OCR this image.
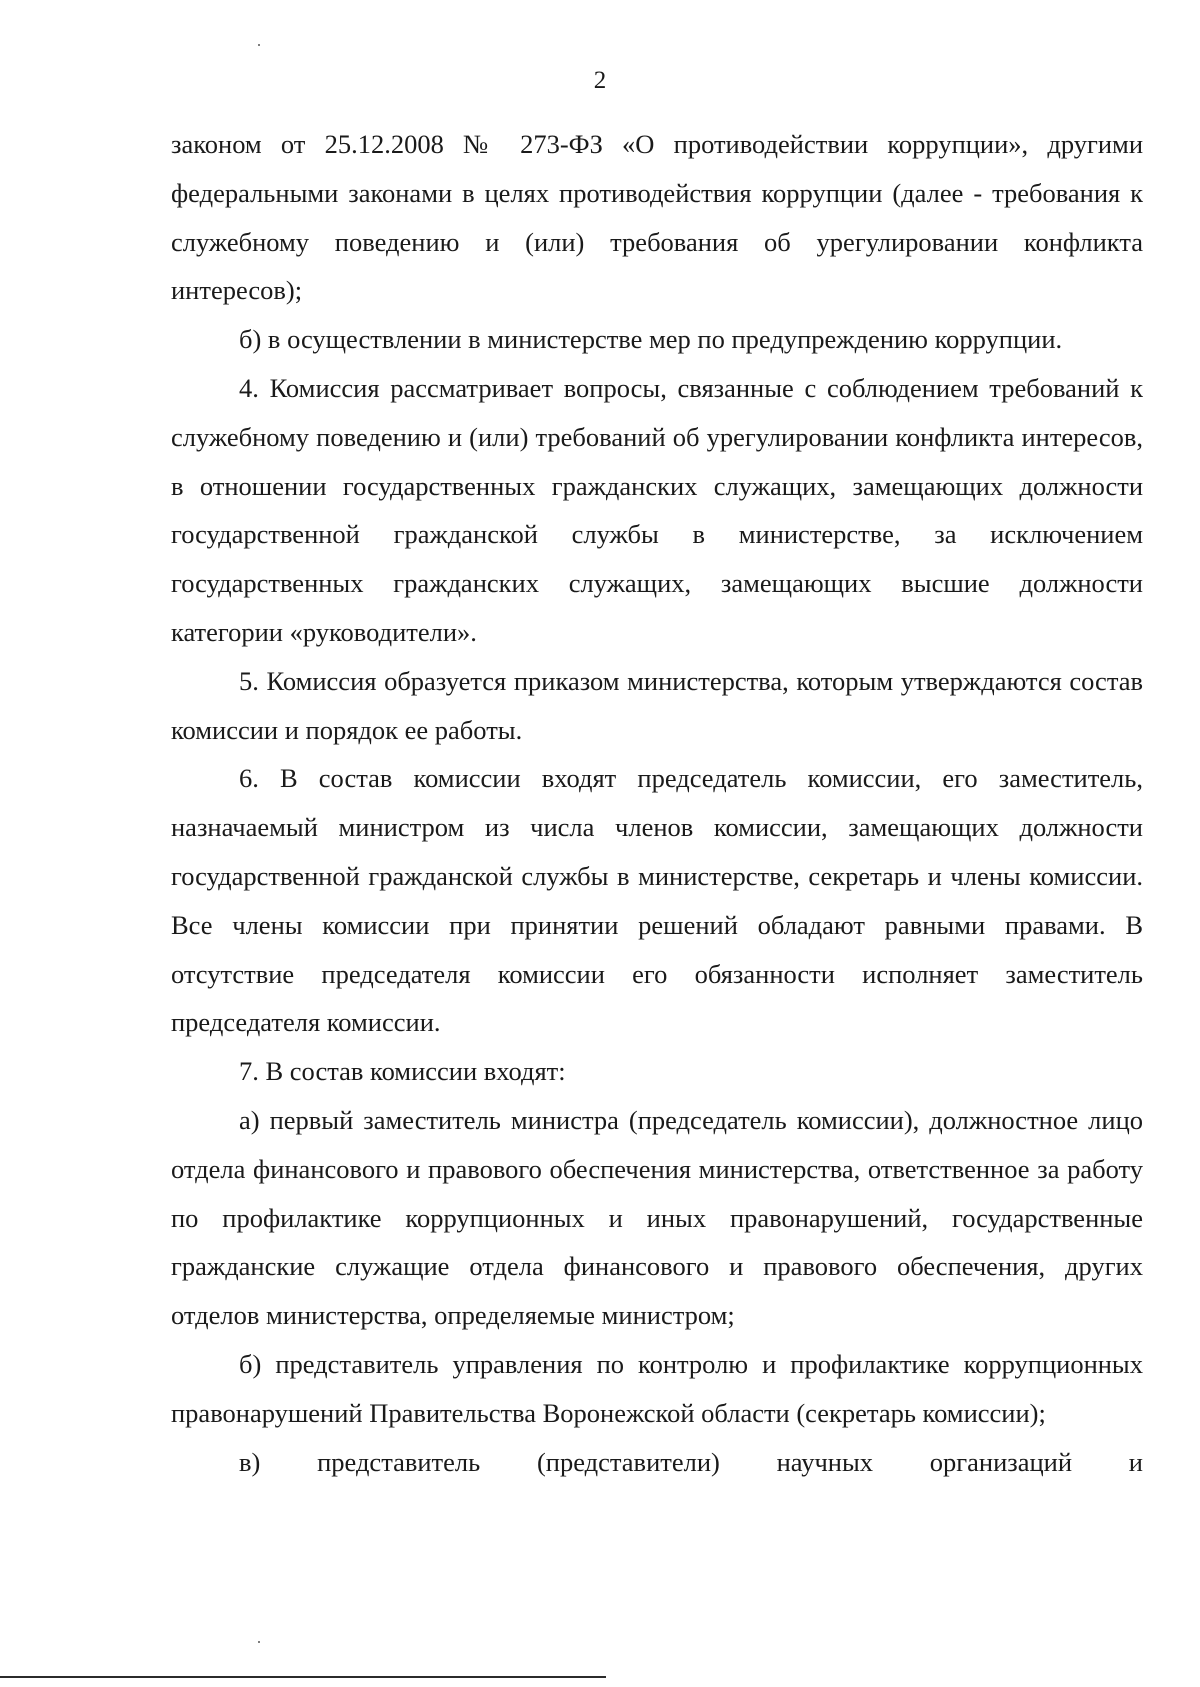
2

законом от 25.12.2008 № 273-ФЗ «О противодействии коррупции», другими федеральными законами в целях противодействия коррупции (далее - требования к служебному поведению и (или) требования об урегулировании конфликта интересов);

б) в осуществлении в министерстве мер по предупреждению коррупции.

4. Комиссия рассматривает вопросы, связанные с соблюдением требований к служебному поведению и (или) требований об урегулировании конфликта интересов, в отношении государственных гражданских служащих, замещающих должности государственной гражданской службы в министерстве, за исключением государственных гражданских служащих, замещающих высшие должности категории «руководители».

5. Комиссия образуется приказом министерства, которым утверждаются состав комиссии и порядок ее работы.

6. В состав комиссии входят председатель комиссии, его заместитель, назначаемый министром из числа членов комиссии, замещающих должности государственной гражданской службы в министерстве, секретарь и члены комиссии. Все члены комиссии при принятии решений обладают равными правами. В отсутствие председателя комиссии его обязанности исполняет заместитель председателя комиссии.

7. В состав комиссии входят:

а) первый заместитель министра (председатель комиссии), должностное лицо отдела финансового и правового обеспечения министерства, ответственное за работу по профилактике коррупционных и иных правонарушений, государственные гражданские служащие отдела финансового и правового обеспечения, других отделов министерства, определяемые министром;

б) представитель управления по контролю и профилактике коррупционных правонарушений Правительства Воронежской области (секретарь комиссии);

в) представитель (представители) научных организаций и
